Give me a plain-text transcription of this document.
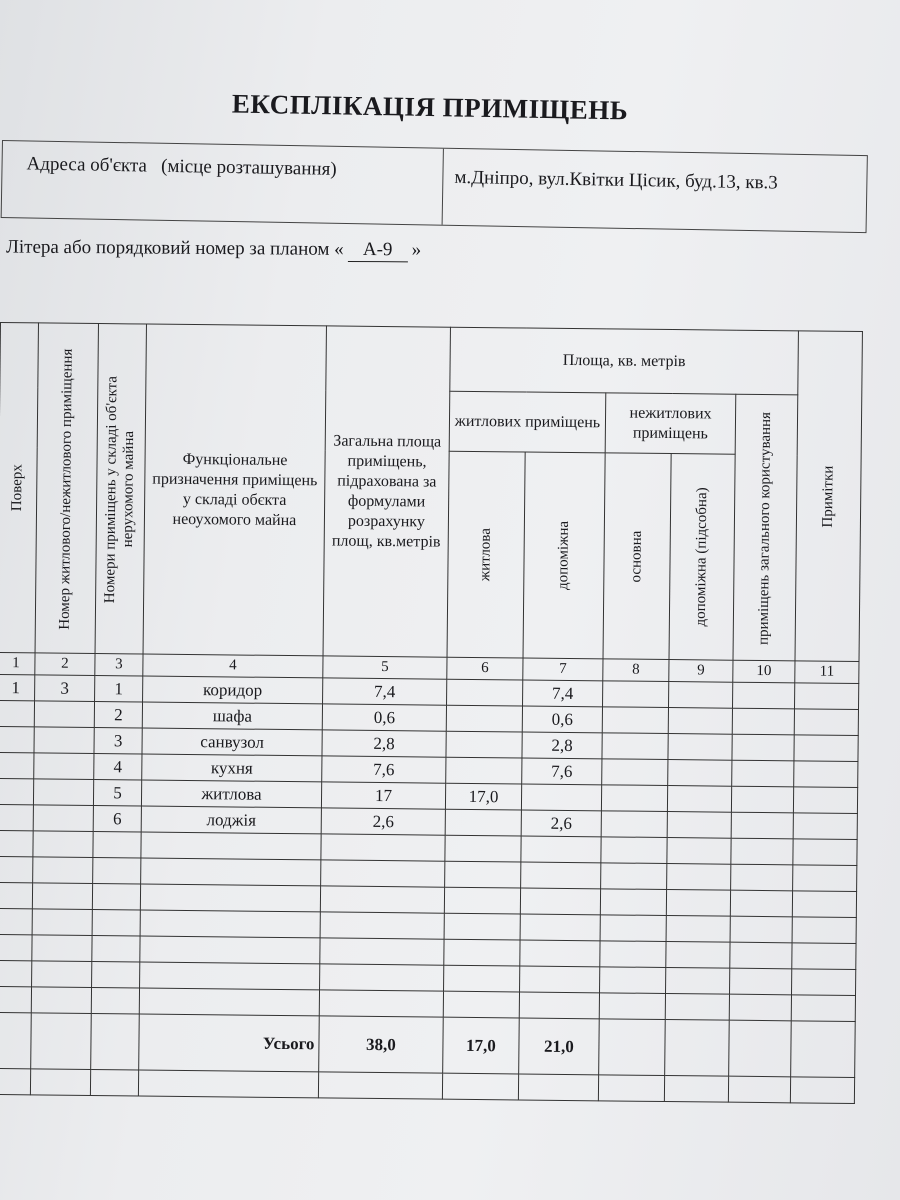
ЕКСПЛІКАЦІЯ ПРИМІЩЕНЬ
Адреса об'єкта   (місце розташування)
м.Дніпро, вул.Квітки Цісик, буд.13, кв.3
Літера або порядковий номер за планом « А-9 »
Поверх	Номер житлового/нежитлового приміщення	Номери приміщень у складі об'єкта нерухомого майна	Функціональне призначення приміщень у складі обєкта неоухомого майна	Загальна площа приміщень, підрахована за формулами розрахунку площ, кв.метрів	Площа, кв. метрів					Примітки

					житлових приміщень		нежитлових приміщень		приміщень загального користування	

					житлова	допоміжна	основна	допоміжна (підсобна)		

1	2	3	4	5	6	7	8	9	10	11
1	3	1	коридор	7,4		7,4				
		2	шафа	0,6		0,6				
		3	санвузол	2,8		2,8				
		4	кухня	7,6		7,6				
		5	житлова	17	17,0					
		6	лоджія	2,6		2,6				

			Усього	38,0	17,0	21,0				
